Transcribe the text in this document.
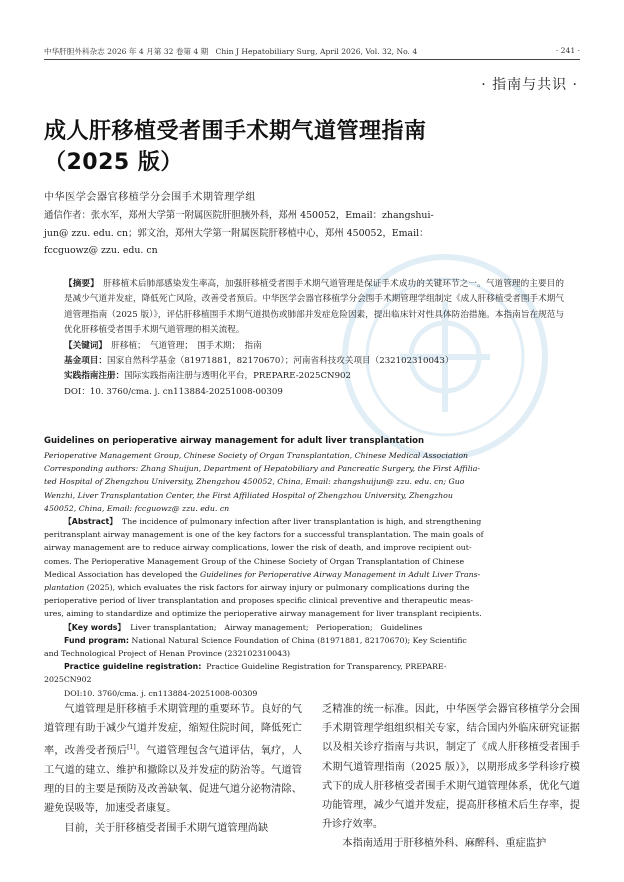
中华肝胆外科杂志 2026 年 4 月第 32 卷第 4 期 Chin J Hepatobiliary Surg, April 2026, Vol. 32, No. 4	· 241 ·
· 指南与共识 ·
成人肝移植受者围手术期气道管理指南
（2025 版）
中华医学会器官移植学分会围手术期管理学组
通信作者：张水军，郑州大学第一附属医院肝胆胰外科，郑州 450052，Email：zhangshui-
jun@ zzu. edu. cn；郭文治，郑州大学第一附属医院肝移植中心，郑州 450052，Email：
fccguowz@ zzu. edu. cn

【摘要】　 肝移植术后肺部感染发生率高，加强肝移植受者围手术期气道管理是保证手术成功的关键环节之一。气道管理的主要目的是减少气道并发症，降低死亡风险，改善受者预后。中华医学会器官移植学分会围手术期管理学组制定《成人肝移植受者围手术期气道管理指南（2025 版）》，评估肝移植围手术期气道损伤或肺部并发症危险因素，提出临床针对性具体防治措施。本指南旨在规范与优化肝移植受者围手术期气道管理的相关流程。

【关键词】　 肝移植；　气道管理；　围手术期；　指南

基金项目：国家自然科学基金（81971881，82170670）；河南省科技攻关项目（232102310043）

实践指南注册：国际实践指南注册与透明化平台，PREPARE-2025CN902

DOI：10. 3760/cma. j. cn113884-20251008-00309

Guidelines on perioperative airway management for adult liver transplantation
Perioperative Management Group, Chinese Society of Organ Transplantation, Chinese Medical Association
Corresponding authors: Zhang Shuijun, Department of Hepatobiliary and Pancreatic Surgery, the First Affilia-
ted Hospital of Zhengzhou University, Zhengzhou 450052, China, Email: zhangshuijun@ zzu. edu. cn; Guo
Wenzhi, Liver Transplantation Center, the First Affiliated Hospital of Zhengzhou University, Zhengzhou
450052, China, Email: fccguowz@ zzu. edu. cn

【Abstract】 The incidence of pulmonary infection after liver transplantation is high, and strengthening

peritransplant airway management is one of the key factors for a successful transplantation. The main goals of

airway management are to reduce airway complications, lower the risk of death, and improve recipient out-

comes. The Perioperative Management Group of the Chinese Society of Organ Transplantation of Chinese

Medical Association has developed the Guidelines for Perioperative Airway Management in Adult Liver Trans-

plantation (2025), which evaluates the risk factors for airway injury or pulmonary complications during the

perioperative period of liver transplantation and proposes specific clinical preventive and therapeutic meas-

ures, aiming to standardize and optimize the perioperative airway management for liver transplant recipients.

【Key words】 Liver transplantation;　Airway management;　Perioperation;　Guidelines

Fund program: National Natural Science Foundation of China (81971881, 82170670); Key Scientific

and Technological Project of Henan Province (232102310043)

Practice guideline registration: Practice Guideline Registration for Transparency, PREPARE-

2025CN902

DOI:10. 3760/cma. j. cn113884-20251008-00309

气道管理是肝移植手术期管理的重要环节。良好的气道管理有助于减少气道并发症，缩短住院时间，降低死亡率，改善受者预后[1]。气道管理包含气道评估，氧疗，人工气道的建立、维护和撤除以及并发症的防治等。气道管理的目的主要是预防及改善缺氧、促进气道分泌物清除、避免误吸等，加速受者康复。

目前，关于肝移植受者围手术期气道管理尚缺

乏精准的统一标准。因此，中华医学会器官移植学分会围手术期管理学组组织相关专家，结合国内外临床研究证据以及相关诊疗指南与共识，制定了《成人肝移植受者围手术期气道管理指南（2025 版）》，以期形成多学科诊疗模式下的成人肝移植受者围手术期气道管理体系，优化气道功能管理，减少气道并发症，提高肝移植术后生存率，提升诊疗效率。

本指南适用于肝移植外科、麻醉科、重症监护
